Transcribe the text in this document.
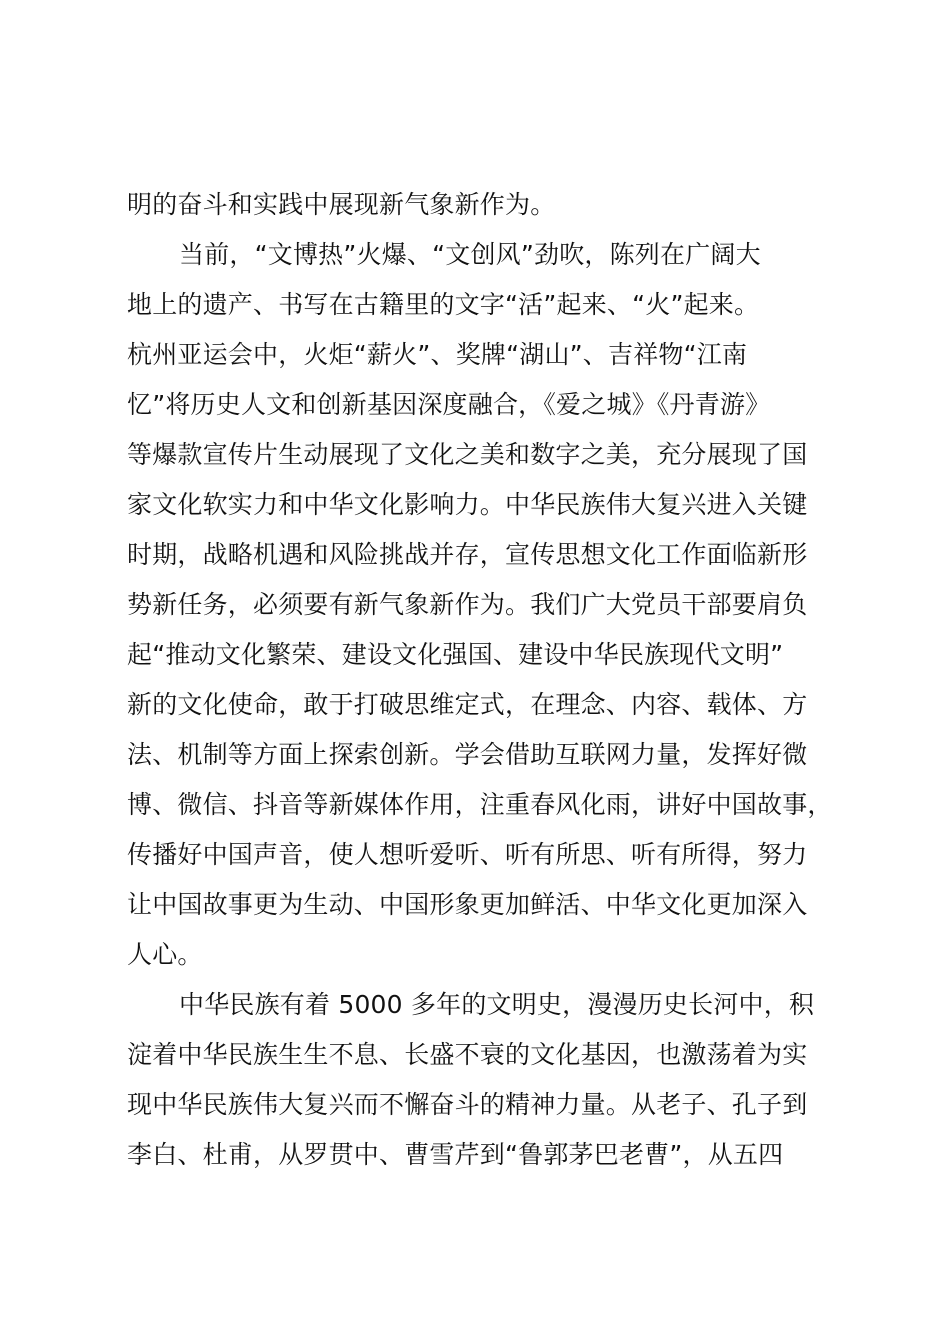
明的奋斗和实践中展现新气象新作为。
当前，“文博热”火爆、“文创风”劲吹，陈列在广阔大
地上的遗产、书写在古籍里的文字“活”起来、“火”起来。
杭州亚运会中，火炬“薪火”、奖牌“湖山”、吉祥物“江南
忆”将历史人文和创新基因深度融合，《爱之城》《丹青游》
等爆款宣传片生动展现了文化之美和数字之美，充分展现了国
家文化软实力和中华文化影响力。中华民族伟大复兴进入关键
时期，战略机遇和风险挑战并存，宣传思想文化工作面临新形
势新任务，必须要有新气象新作为。我们广大党员干部要肩负
起“推动文化繁荣、建设文化强国、建设中华民族现代文明”
新的文化使命，敢于打破思维定式，在理念、内容、载体、方
法、机制等方面上探索创新。学会借助互联网力量，发挥好微
博、微信、抖音等新媒体作用，注重春风化雨，讲好中国故事，
传播好中国声音，使人想听爱听、听有所思、听有所得，努力
让中国故事更为生动、中国形象更加鲜活、中华文化更加深入
人心。
中华民族有着 5000 多年的文明史，漫漫历史长河中，积
淀着中华民族生生不息、长盛不衰的文化基因，也激荡着为实
现中华民族伟大复兴而不懈奋斗的精神力量。从老子、孔子到
李白、杜甫，从罗贯中、曹雪芹到“鲁郭茅巴老曹”，从五四
